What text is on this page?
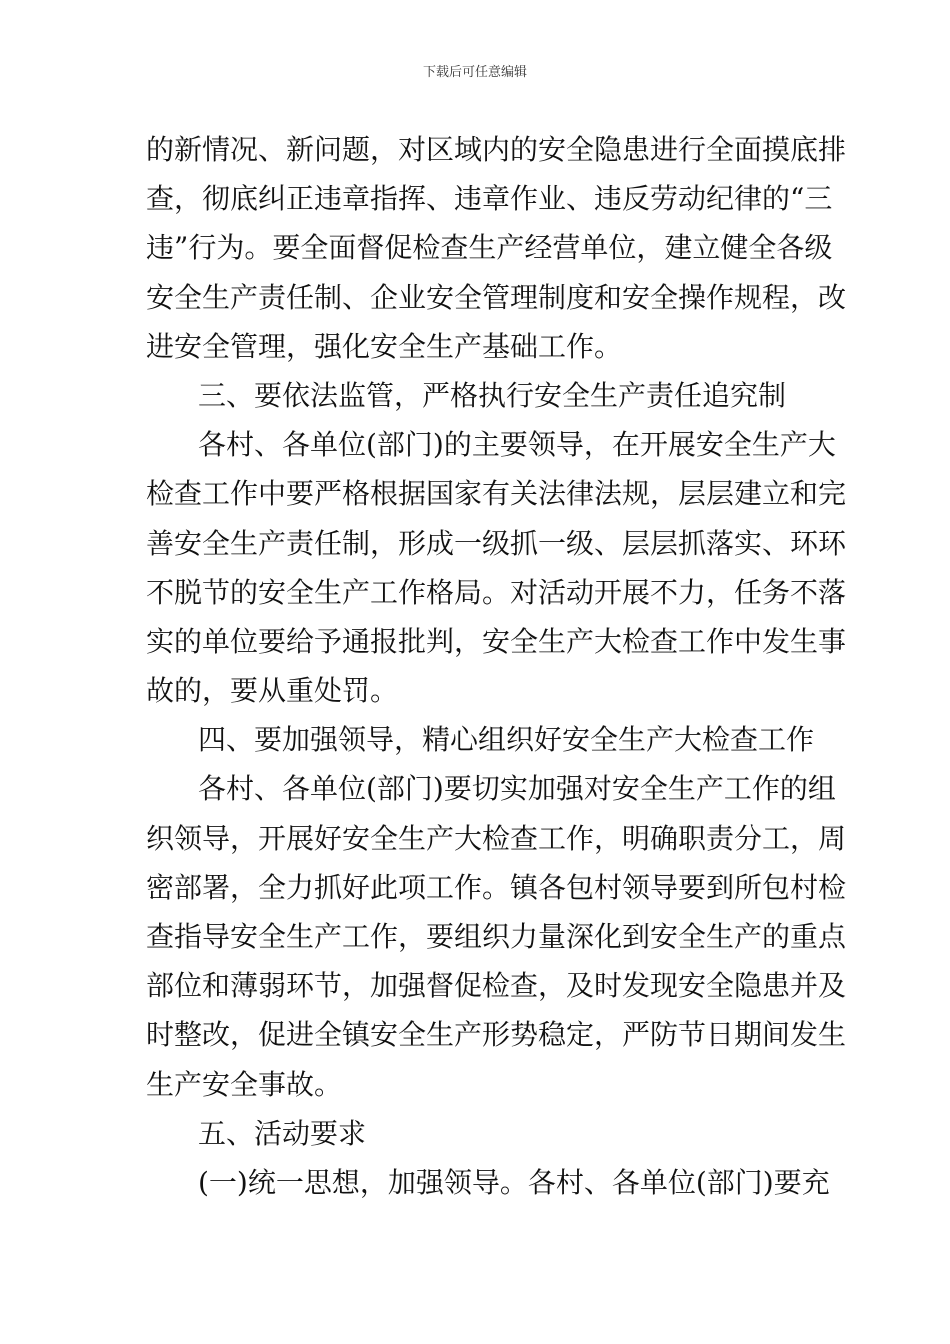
下载后可任意编辑
的新情况、新问题，对区域内的安全隐患进行全面摸底排
查，彻底纠正违章指挥、违章作业、违反劳动纪律的“三
违”行为。要全面督促检查生产经营单位，建立健全各级
安全生产责任制、企业安全管理制度和安全操作规程，改
进安全管理，强化安全生产基础工作。
三、要依法监管，严格执行安全生产责任追究制
各村、各单位(部门)的主要领导，在开展安全生产大
检查工作中要严格根据国家有关法律法规，层层建立和完
善安全生产责任制，形成一级抓一级、层层抓落实、环环
不脱节的安全生产工作格局。对活动开展不力，任务不落
实的单位要给予通报批判，安全生产大检查工作中发生事
故的，要从重处罚。
四、要加强领导，精心组织好安全生产大检查工作
各村、各单位(部门)要切实加强对安全生产工作的组
织领导，开展好安全生产大检查工作，明确职责分工，周
密部署，全力抓好此项工作。镇各包村领导要到所包村检
查指导安全生产工作，要组织力量深化到安全生产的重点
部位和薄弱环节，加强督促检查，及时发现安全隐患并及
时整改，促进全镇安全生产形势稳定，严防节日期间发生
生产安全事故。
五、活动要求
(一)统一思想，加强领导。各村、各单位(部门)要充
